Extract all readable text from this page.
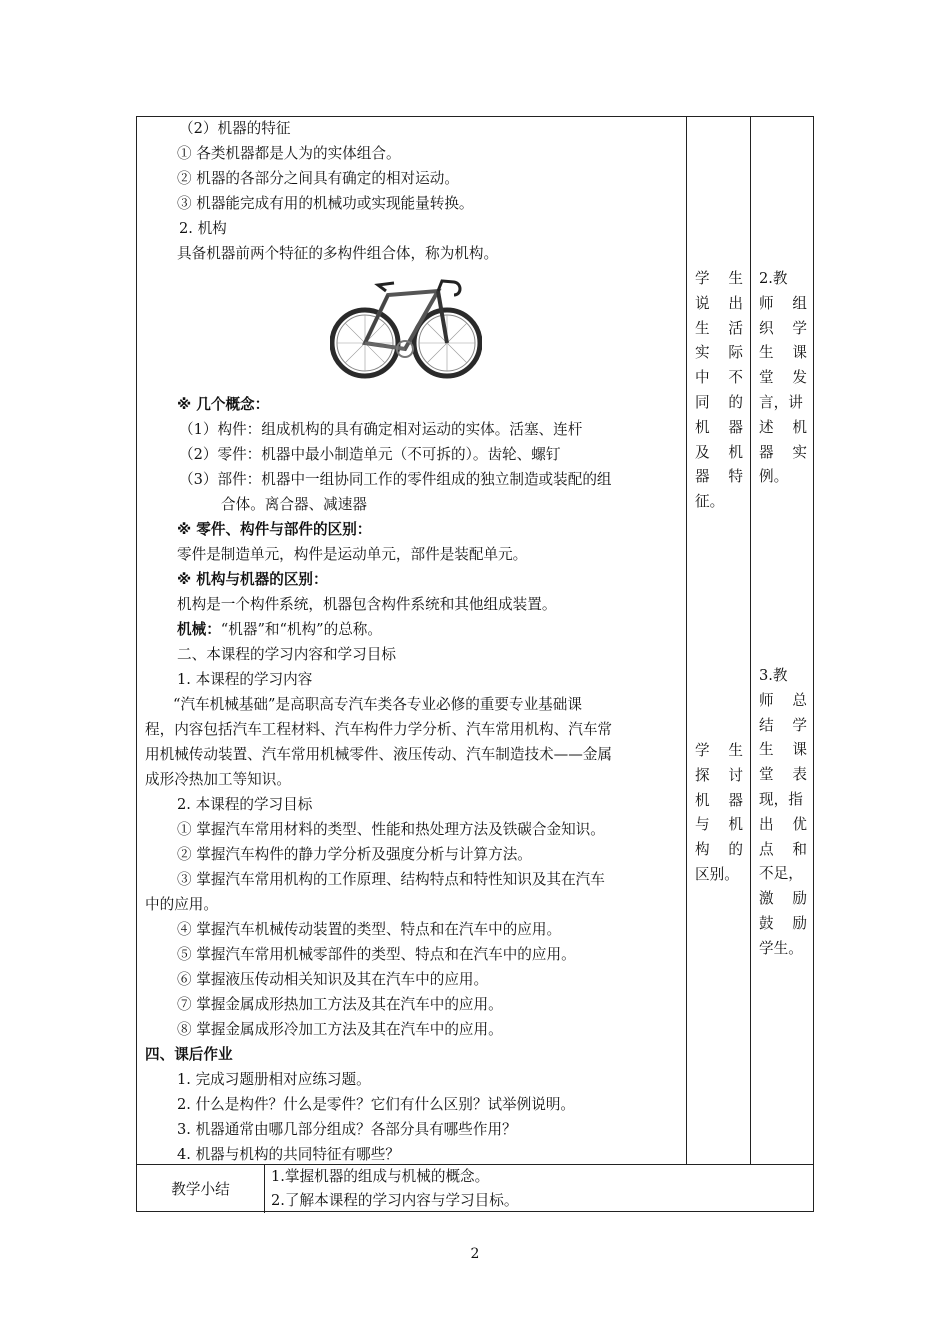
（2）机器的特征
① 各类机器都是人为的实体组合。
② 机器的各部分之间具有确定的相对运动。
③ 机器能完成有用的机械功或实现能量转换。
2. 机构
具备机器前两个特征的多构件组合体，称为机构。
※ 几个概念：
（1）构件：组成机构的具有确定相对运动的实体。活塞、连杆
（2）零件：机器中最小制造单元（不可拆的）。齿轮、螺钉
（3）部件：机器中一组协同工作的零件组成的独立制造或装配的组
合体。离合器、减速器
※ 零件、构件与部件的区别：
零件是制造单元，构件是运动单元，部件是装配单元。
※ 机构与机器的区别：
机构是一个构件系统，机器包含构件系统和其他组成装置。
机械：“机器”和“机构”的总称。
二、本课程的学习内容和学习目标
1. 本课程的学习内容
“汽车机械基础”是高职高专汽车类各专业必修的重要专业基础课
程，内容包括汽车工程材料、汽车构件力学分析、汽车常用机构、汽车常
用机械传动装置、汽车常用机械零件、液压传动、汽车制造技术——金属
成形冷热加工等知识。
2. 本课程的学习目标
① 掌握汽车常用材料的类型、性能和热处理方法及铁碳合金知识。
② 掌握汽车构件的静力学分析及强度分析与计算方法。
③ 掌握汽车常用机构的工作原理、结构特点和特性知识及其在汽车
中的应用。
④ 掌握汽车机械传动装置的类型、特点和在汽车中的应用。
⑤ 掌握汽车常用机械零部件的类型、特点和在汽车中的应用。
⑥ 掌握液压传动相关知识及其在汽车中的应用。
⑦ 掌握金属成形热加工方法及其在汽车中的应用。
⑧ 掌握金属成形冷加工方法及其在汽车中的应用。
四、课后作业
1. 完成习题册相对应练习题。
2. 什么是构件？什么是零件？它们有什么区别？试举例说明。
3. 机器通常由哪几部分组成？各部分具有哪些作用？
4. 机器与机构的共同特征有哪些？
学 生
说 出
生 活
实 际
中 不
同 的
机 器
及 机
器 特
征。
学 生
探 讨
机 器
与 机
构 的
区别。
2.教
师 组
织 学
生 课
堂 发
言，讲
述 机
器 实
例。
3.教
师 总
结 学
生 课
堂 表
现，指
出 优
点 和
不足，
激 励
鼓 励
学生。
教学小结
1.掌握机器的组成与机械的概念。
2.了解本课程的学习内容与学习目标。
2
